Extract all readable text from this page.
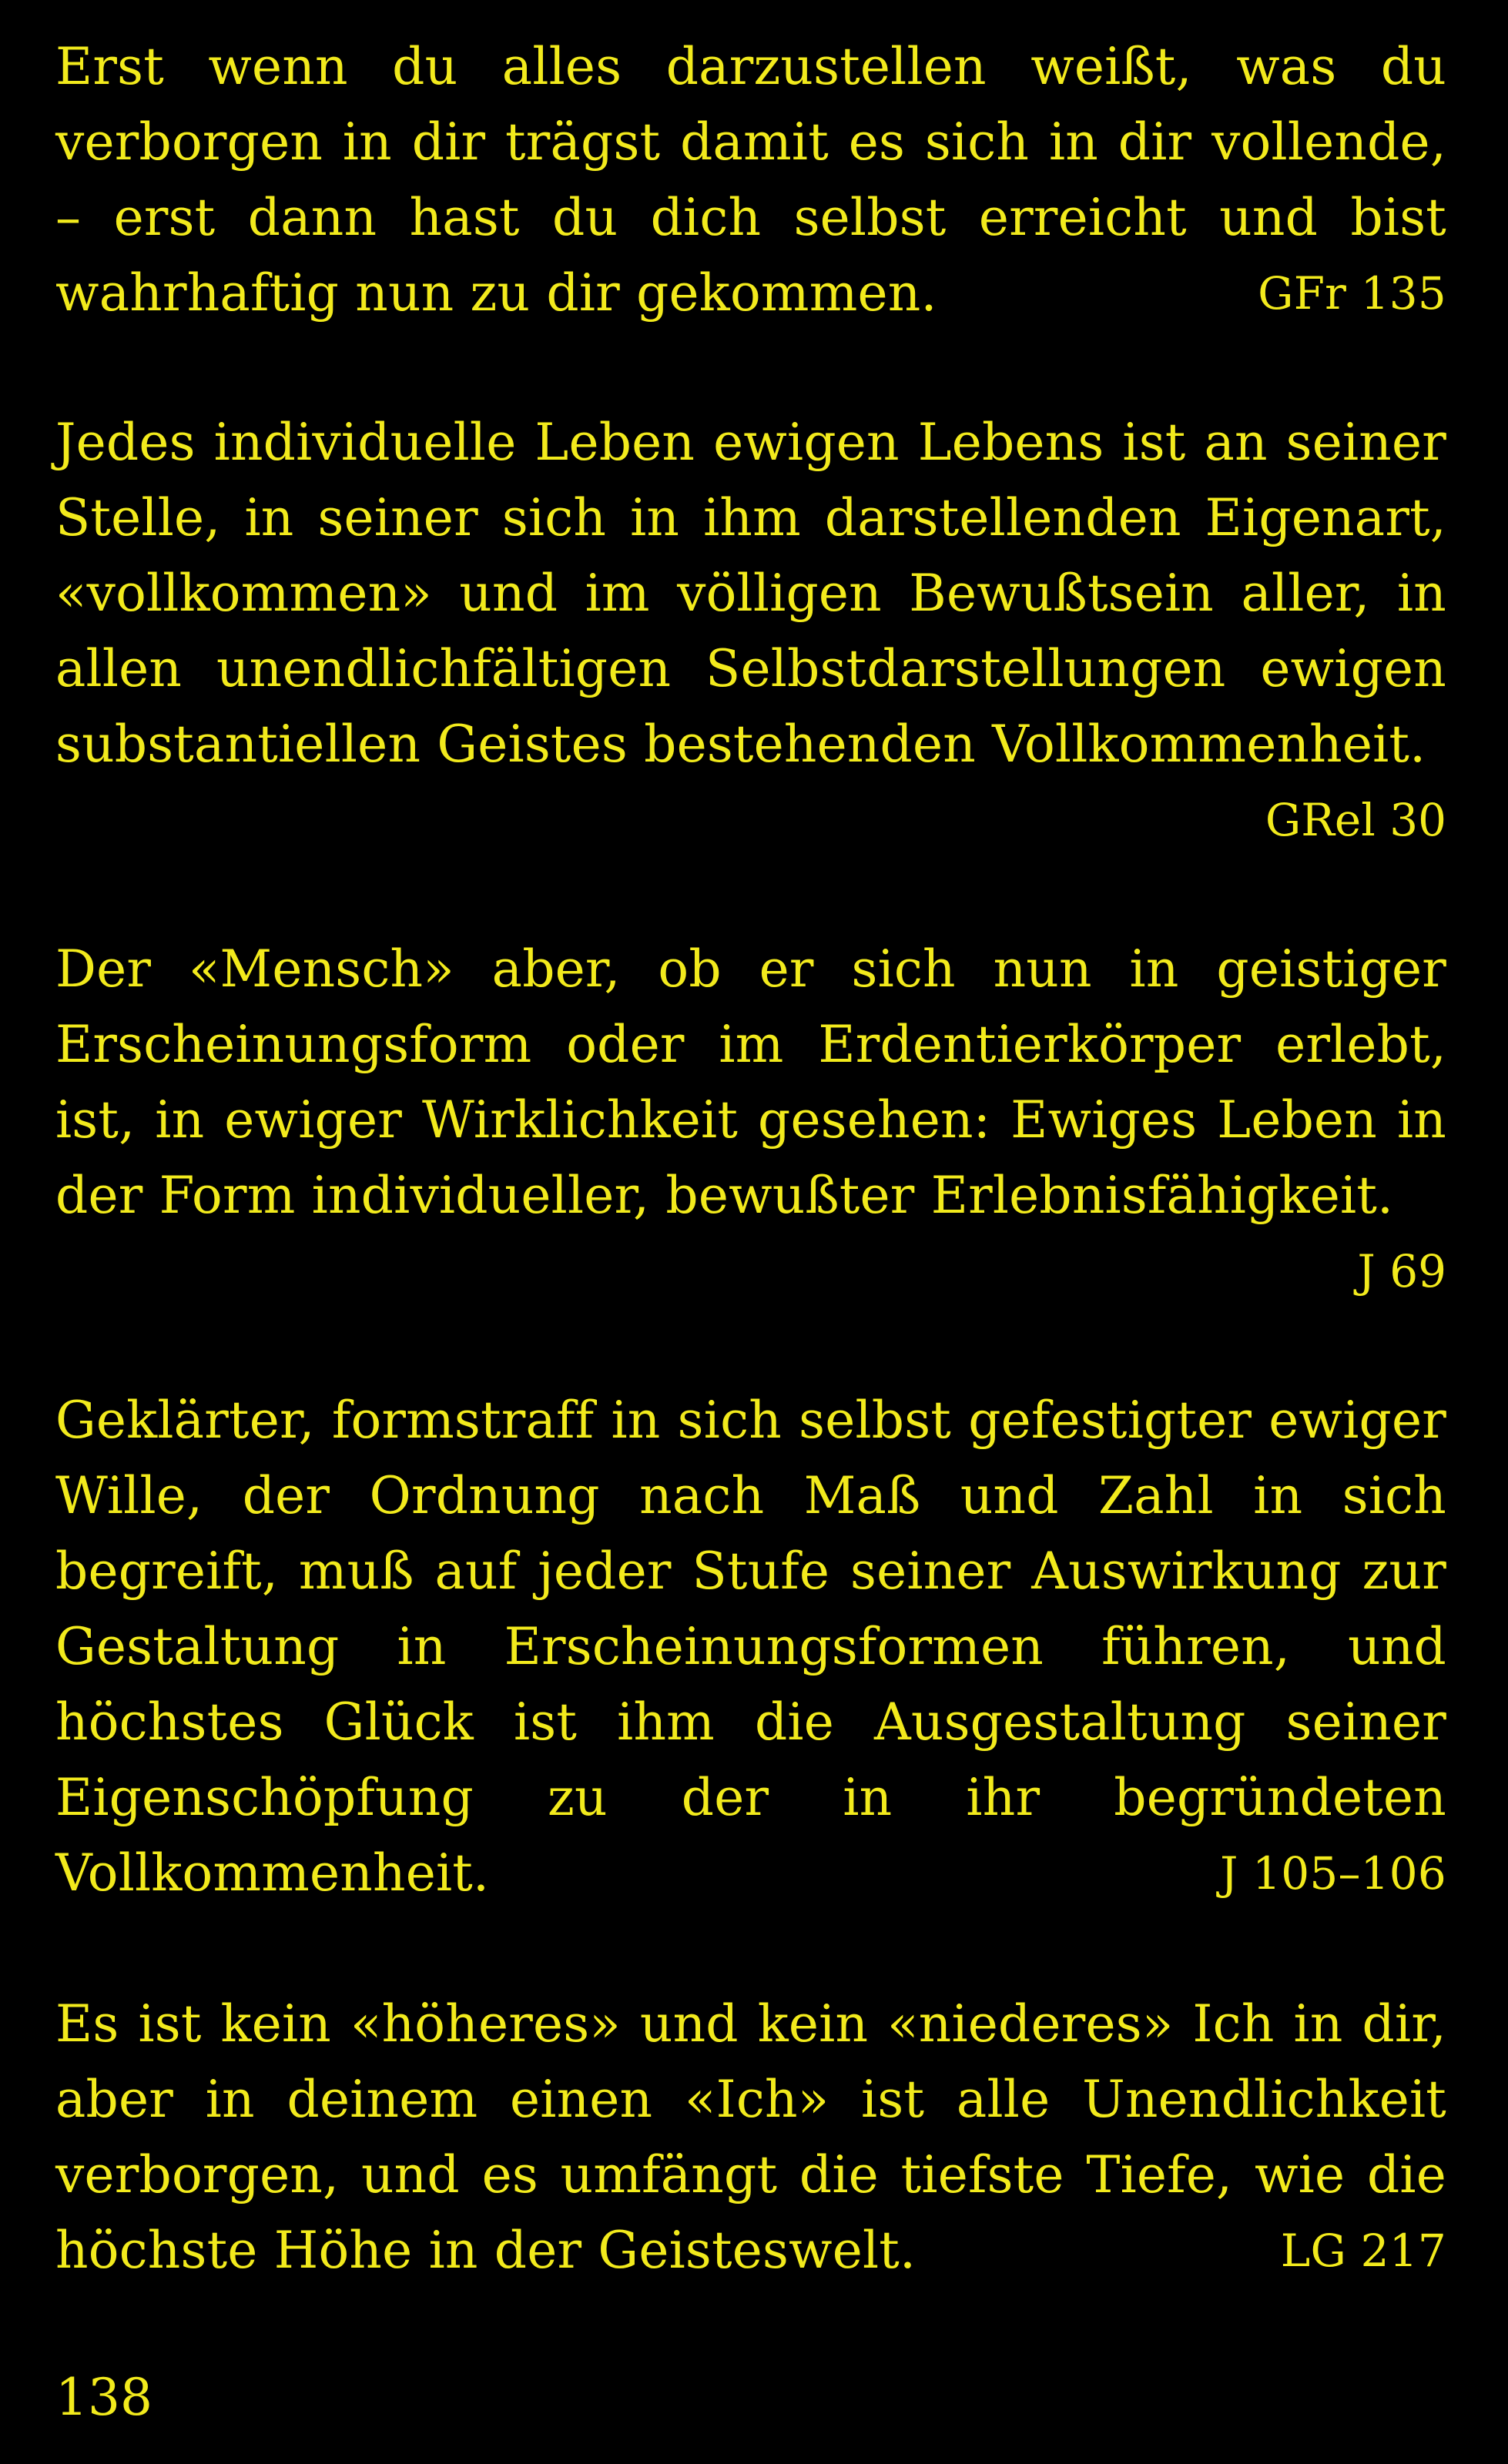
GFr 135
Erst wenn du alles darzustellen weißt, was du verborgen in dir trägst damit es sich in dir vollende, – erst dann hast du dich selbst erreicht und bist wahrhaftig nun zu dir gekommen.

Jedes individuelle Leben ewigen Lebens ist an seiner Stelle, in seiner sich in ihm darstellenden Eigenart, «vollkommen» und im völligen Bewußtsein aller, in allen unendlichfältigen Selbstdarstellungen ewigen substantiellen Geistes bestehenden Vollkommenheit.

GRel 30

Der «Mensch» aber, ob er sich nun in geistiger Erscheinungsform oder im Erdentierkörper erlebt, ist, in ewiger Wirklichkeit gesehen: Ewiges Leben in der Form individueller, bewußter Erlebnisfähigkeit.

J 69

Geklärter, formstraff in sich selbst gefestigter ewiger Wille, der Ordnung nach Maß und Zahl in sich begreift, muß auf jeder Stufe seiner Auswirkung zur Gestaltung in Erscheinungsformen führen, und höchstes Glück ist ihm die Ausgestaltung seiner Eigenschöpfung zu der in ihr begründeten Vollkommenheit.	J 105–106

Es ist kein «höheres» und kein «niederes» Ich in dir, aber in deinem einen «Ich» ist alle Unendlichkeit verborgen, und es umfängt die tiefste Tiefe, wie die höchste Höhe in der Geisteswelt.	LG 217

138
